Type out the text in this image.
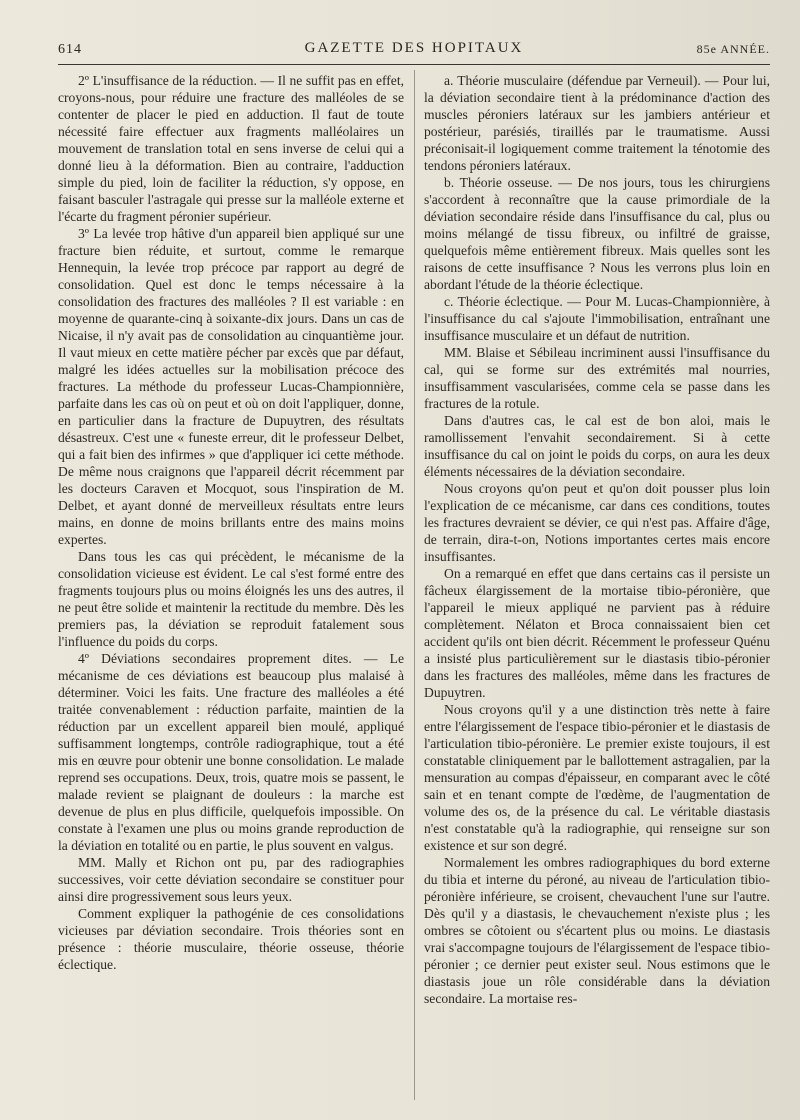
614	GAZETTE DES HOPITAUX	85e ANNÉE.

2º L'insuffisance de la réduction. — Il ne suffit pas en effet, croyons-nous, pour réduire une fracture des malléoles de se contenter de placer le pied en adduction. Il faut de toute nécessité faire effectuer aux fragments malléolaires un mouvement de translation total en sens inverse de celui qui a donné lieu à la déformation. Bien au contraire, l'adduction simple du pied, loin de faciliter la réduction, s'y oppose, en faisant basculer l'astragale qui presse sur la malléole externe et l'écarte du fragment péronier supérieur.

3º La levée trop hâtive d'un appareil bien appliqué sur une fracture bien réduite, et surtout, comme le remarque Hennequin, la levée trop précoce par rapport au degré de consolidation. Quel est donc le temps nécessaire à la consolidation des fractures des malléoles ? Il est variable : en moyenne de quarante-cinq à soixante-dix jours. Dans un cas de Nicaise, il n'y avait pas de consolidation au cinquantième jour. Il vaut mieux en cette matière pécher par excès que par défaut, malgré les idées actuelles sur la mobilisation précoce des fractures. La méthode du professeur Lucas-Championnière, parfaite dans les cas où on peut et où on doit l'appliquer, donne, en particulier dans la fracture de Dupuytren, des résultats désastreux. C'est une « funeste erreur, dit le professeur Delbet, qui a fait bien des infirmes » que d'appliquer ici cette méthode. De même nous craignons que l'appareil décrit récemment par les docteurs Caraven et Mocquot, sous l'inspiration de M. Delbet, et ayant donné de merveilleux résultats entre leurs mains, en donne de moins brillants entre des mains moins expertes.

Dans tous les cas qui précèdent, le mécanisme de la consolidation vicieuse est évident. Le cal s'est formé entre des fragments toujours plus ou moins éloignés les uns des autres, il ne peut être solide et maintenir la rectitude du membre. Dès les premiers pas, la déviation se reproduit fatalement sous l'influence du poids du corps.

4º Déviations secondaires proprement dites. — Le mécanisme de ces déviations est beaucoup plus malaisé à déterminer. Voici les faits. Une fracture des malléoles a été traitée convenablement : réduction parfaite, maintien de la réduction par un excellent appareil bien moulé, appliqué suffisamment longtemps, contrôle radiographique, tout a été mis en œuvre pour obtenir une bonne consolidation. Le malade reprend ses occupations. Deux, trois, quatre mois se passent, le malade revient se plaignant de douleurs : la marche est devenue de plus en plus difficile, quelquefois impossible. On constate à l'examen une plus ou moins grande reproduction de la déviation en totalité ou en partie, le plus souvent en valgus.

MM. Mally et Richon ont pu, par des radiographies successives, voir cette déviation secondaire se constituer pour ainsi dire progressivement sous leurs yeux.

Comment expliquer la pathogénie de ces consolidations vicieuses par déviation secondaire. Trois théories sont en présence : théorie musculaire, théorie osseuse, théorie éclectique.

a. Théorie musculaire (défendue par Verneuil). — Pour lui, la déviation secondaire tient à la prédominance d'action des muscles péroniers latéraux sur les jambiers antérieur et postérieur, parésiés, tiraillés par le traumatisme. Aussi préconisait-il logiquement comme traitement la ténotomie des tendons péroniers latéraux.

b. Théorie osseuse. — De nos jours, tous les chirurgiens s'accordent à reconnaître que la cause primordiale de la déviation secondaire réside dans l'insuffisance du cal, plus ou moins mélangé de tissu fibreux, ou infiltré de graisse, quelquefois même entièrement fibreux. Mais quelles sont les raisons de cette insuffisance ? Nous les verrons plus loin en abordant l'étude de la théorie éclectique.

c. Théorie éclectique. — Pour M. Lucas-Championnière, à l'insuffisance du cal s'ajoute l'immobilisation, entraînant une insuffisance musculaire et un défaut de nutrition.

MM. Blaise et Sébileau incriminent aussi l'insuffisance du cal, qui se forme sur des extrémités mal nourries, insuffisamment vascularisées, comme cela se passe dans les fractures de la rotule.

Dans d'autres cas, le cal est de bon aloi, mais le ramollissement l'envahit secondairement. Si à cette insuffisance du cal on joint le poids du corps, on aura les deux éléments nécessaires de la déviation secondaire.

Nous croyons qu'on peut et qu'on doit pousser plus loin l'explication de ce mécanisme, car dans ces conditions, toutes les fractures devraient se dévier, ce qui n'est pas. Affaire d'âge, de terrain, dira-t-on, Notions importantes certes mais encore insuffisantes.

On a remarqué en effet que dans certains cas il persiste un fâcheux élargissement de la mortaise tibio-péronière, que l'appareil le mieux appliqué ne parvient pas à réduire complètement. Nélaton et Broca connaissaient bien cet accident qu'ils ont bien décrit. Récemment le professeur Quénu a insisté plus particulièrement sur le diastasis tibio-péronier dans les fractures des malléoles, même dans les fractures de Dupuytren.

Nous croyons qu'il y a une distinction très nette à faire entre l'élargissement de l'espace tibio-péronier et le diastasis de l'articulation tibio-péronière. Le premier existe toujours, il est constatable cliniquement par le ballottement astragalien, par la mensuration au compas d'épaisseur, en comparant avec le côté sain et en tenant compte de l'œdème, de l'augmentation de volume des os, de la présence du cal. Le véritable diastasis n'est constatable qu'à la radiographie, qui renseigne sur son existence et sur son degré.

Normalement les ombres radiographiques du bord externe du tibia et interne du péroné, au niveau de l'articulation tibio-péronière inférieure, se croisent, chevauchent l'une sur l'autre. Dès qu'il y a diastasis, le chevauchement n'existe plus ; les ombres se côtoient ou s'écartent plus ou moins. Le diastasis vrai s'accompagne toujours de l'élargissement de l'espace tibio-péronier ; ce dernier peut exister seul. Nous estimons que le diastasis joue un rôle considérable dans la déviation secondaire. La mortaise res-
